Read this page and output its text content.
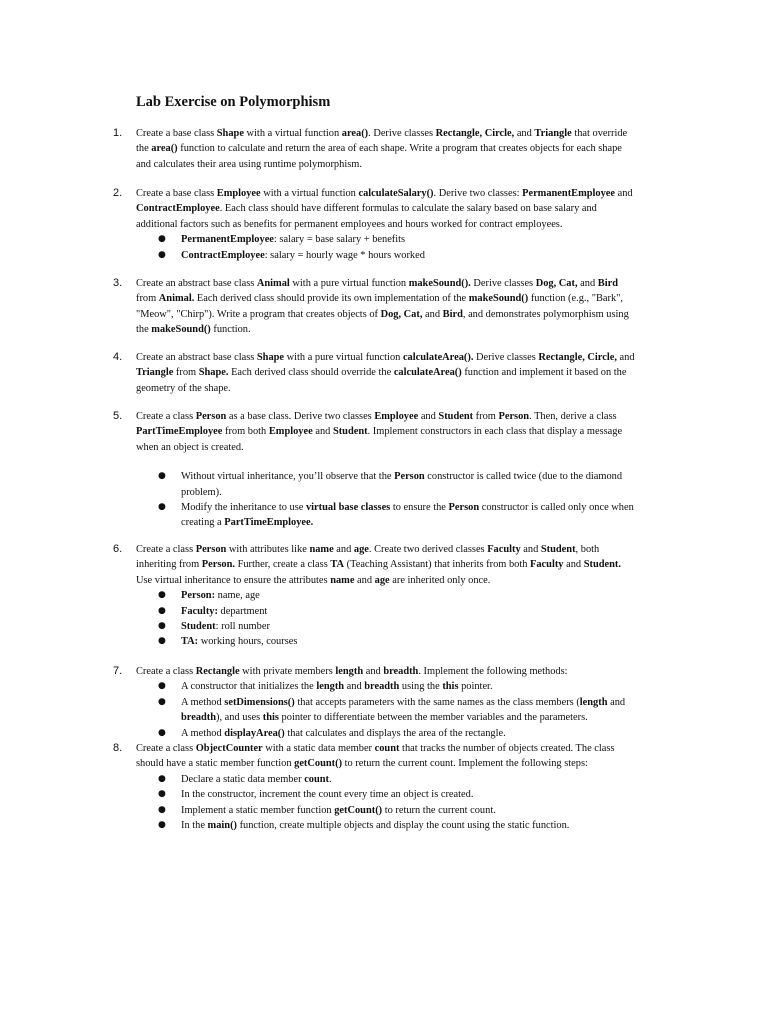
Lab Exercise on Polymorphism
1. Create a base class Shape with a virtual function area(). Derive classes Rectangle, Circle, and Triangle that override
the area() function to calculate and return the area of each shape. Write a program that creates objects for each shape
and calculates their area using runtime polymorphism.
2. Create a base class Employee with a virtual function calculateSalary(). Derive two classes: PermanentEmployee and
ContractEmployee. Each class should have different formulas to calculate the salary based on base salary and
additional factors such as benefits for permanent employees and hours worked for contract employees.
● PermanentEmployee: salary = base salary + benefits
● ContractEmployee: salary = hourly wage * hours worked
3. Create an abstract base class Animal with a pure virtual function makeSound(). Derive classes Dog, Cat, and Bird
from Animal. Each derived class should provide its own implementation of the makeSound() function (e.g., "Bark",
"Meow", "Chirp"). Write a program that creates objects of Dog, Cat, and Bird, and demonstrates polymorphism using
the makeSound() function.
4. Create an abstract base class Shape with a pure virtual function calculateArea(). Derive classes Rectangle, Circle, and
Triangle from Shape. Each derived class should override the calculateArea() function and implement it based on the
geometry of the shape.
5. Create a class Person as a base class. Derive two classes Employee and Student from Person. Then, derive a class
PartTimeEmployee from both Employee and Student. Implement constructors in each class that display a message
when an object is created.
● Without virtual inheritance, you’ll observe that the Person constructor is called twice (due to the diamond
problem).
● Modify the inheritance to use virtual base classes to ensure the Person constructor is called only once when
creating a PartTimeEmployee.
6. Create a class Person with attributes like name and age. Create two derived classes Faculty and Student, both
inheriting from Person. Further, create a class TA (Teaching Assistant) that inherits from both Faculty and Student.
Use virtual inheritance to ensure the attributes name and age are inherited only once.
● Person: name, age
● Faculty: department
● Student: roll number
● TA: working hours, courses
7. Create a class Rectangle with private members length and breadth. Implement the following methods:
● A constructor that initializes the length and breadth using the this pointer.
● A method setDimensions() that accepts parameters with the same names as the class members (length and
breadth), and uses this pointer to differentiate between the member variables and the parameters.
● A method displayArea() that calculates and displays the area of the rectangle.
8. Create a class ObjectCounter with a static data member count that tracks the number of objects created. The class
should have a static member function getCount() to return the current count. Implement the following steps:
● Declare a static data member count.
● In the constructor, increment the count every time an object is created.
● Implement a static member function getCount() to return the current count.
● In the main() function, create multiple objects and display the count using the static function.
